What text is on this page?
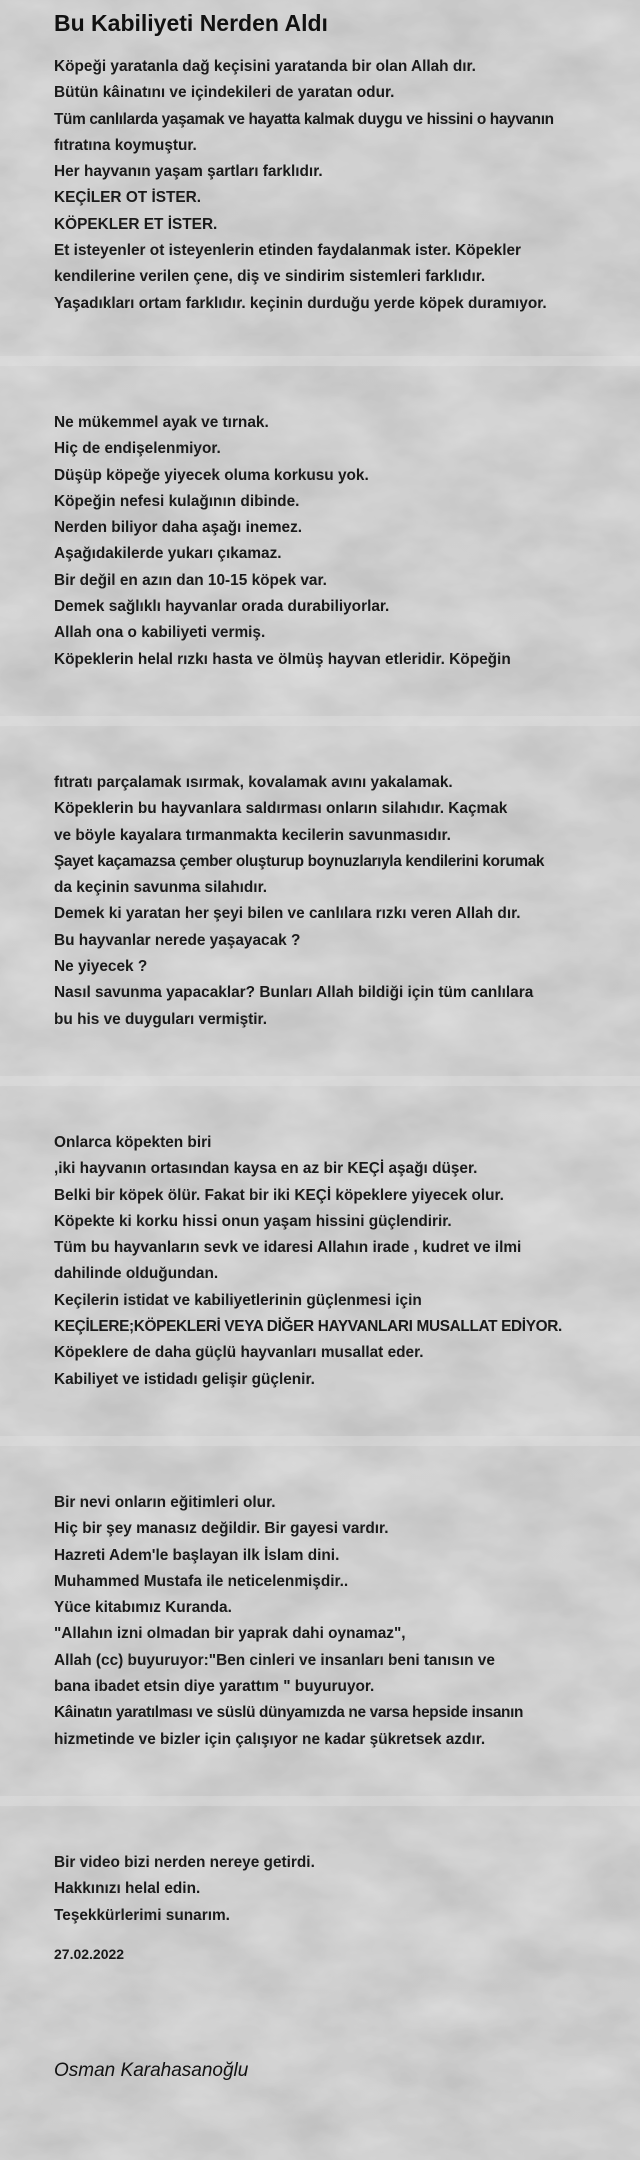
Bu Kabiliyeti Nerden Aldı
Köpeği yaratanla dağ keçisini yaratanda bir olan Allah dır.
Bütün kâinatını ve içindekileri de yaratan odur.
Tüm canlılarda yaşamak ve hayatta kalmak duygu ve hissini o hayvanın
fıtratına koymuştur.
Her hayvanın yaşam şartları farklıdır.
KEÇİLER OT İSTER.
KÖPEKLER ET İSTER.
Et isteyenler ot isteyenlerin etinden faydalanmak ister. Köpekler
kendilerine verilen çene, diş ve sindirim sistemleri farklıdır.
Yaşadıkları ortam farklıdır. keçinin durduğu yerde köpek duramıyor.
Ne mükemmel ayak ve tırnak.
Hiç de endişelenmiyor.
Düşüp köpeğe yiyecek oluma korkusu yok.
Köpeğin nefesi kulağının dibinde.
Nerden biliyor daha aşağı inemez.
Aşağıdakilerde yukarı çıkamaz.
Bir değil en azın dan 10-15 köpek var.
Demek sağlıklı hayvanlar orada durabiliyorlar.
Allah ona o kabiliyeti vermiş.
Köpeklerin helal rızkı hasta ve ölmüş hayvan etleridir. Köpeğin
fıtratı parçalamak ısırmak, kovalamak avını yakalamak.
Köpeklerin bu hayvanlara saldırması onların silahıdır. Kaçmak
ve böyle kayalara tırmanmakta kecilerin savunmasıdır.
Şayet kaçamazsa çember oluşturup boynuzlarıyla kendilerini korumak
da keçinin savunma silahıdır.
Demek ki yaratan her şeyi bilen ve canlılara rızkı veren Allah dır.
Bu hayvanlar nerede yaşayacak ?
Ne yiyecek ?
Nasıl savunma yapacaklar? Bunları Allah bildiği için tüm canlılara
bu his ve duyguları vermiştir.
Onlarca köpekten biri
,iki hayvanın ortasından kaysa en az bir KEÇİ aşağı düşer.
Belki bir köpek ölür. Fakat bir iki KEÇİ köpeklere yiyecek olur.
Köpekte ki korku hissi onun yaşam hissini güçlendirir.
Tüm bu hayvanların sevk ve idaresi Allahın irade , kudret ve ilmi
dahilinde olduğundan.
Keçilerin istidat ve kabiliyetlerinin güçlenmesi için
KEÇİLERE;KÖPEKLERİ VEYA DİĞER HAYVANLARI MUSALLAT EDİYOR.
Köpeklere de daha güçlü hayvanları musallat eder.
Kabiliyet ve istidadı gelişir güçlenir.
Bir nevi onların eğitimleri olur.
Hiç bir şey manasız değildir. Bir gayesi vardır.
Hazreti Adem'le başlayan ilk İslam dini.
Muhammed Mustafa ile neticelenmişdir..
Yüce kitabımız Kuranda.
"Allahın izni olmadan bir yaprak dahi oynamaz",
Allah (cc) buyuruyor:"Ben cinleri ve insanları beni tanısın ve
bana ibadet etsin diye yarattım " buyuruyor.
Kâinatın yaratılması ve süslü dünyamızda ne varsa hepside insanın
hizmetinde ve bizler için çalışıyor ne kadar şükretsek azdır.
Bir video bizi nerden nereye getirdi.
Hakkınızı helal edin.
Teşekkürlerimi sunarım.

27.02.2022

Osman Karahasanoğlu
